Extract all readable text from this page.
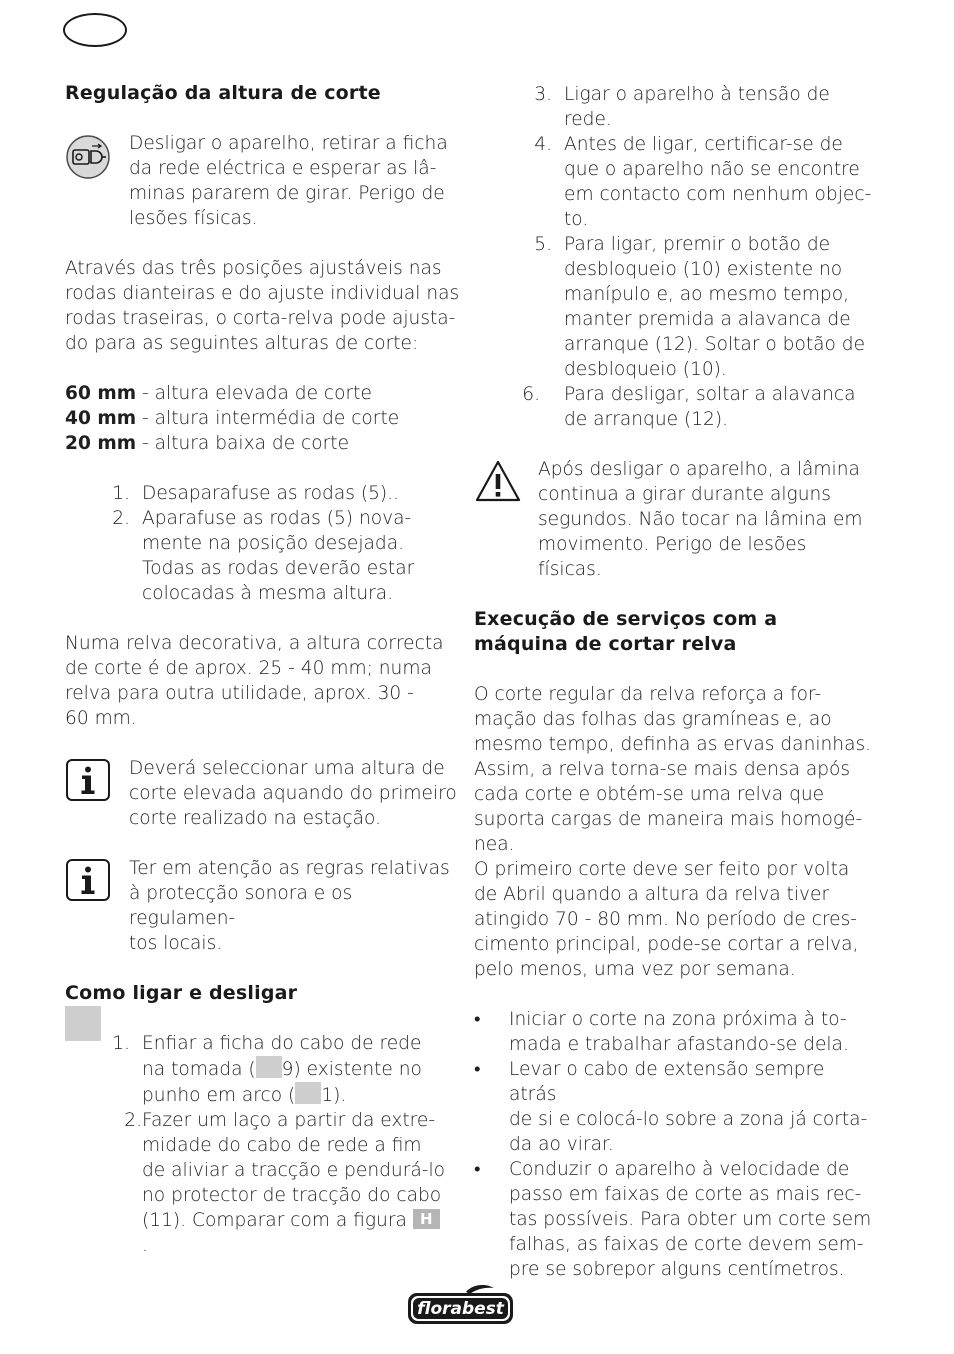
Regulação da altura de corte

Desligar o aparelho, retirar a ficha

da rede eléctrica e esperar as lâ-

minas pararem de girar. Perigo de

lesões físicas.

Através das três posições ajustáveis nas

rodas dianteiras e do ajuste individual nas

rodas traseiras, o corta-relva pode ajusta-

do para as seguintes alturas de corte:

60 mm - altura elevada de corte

40 mm - altura intermédia de corte

20 mm - altura baixa de corte

1. Desaparafuse as rodas (5)..
2. Aparafuse as rodas (5) nova-
mente na posição desejada.
Todas as rodas deverão estar
colocadas à mesma altura.

Numa relva decorativa, a altura correcta

de corte é de aprox. 25 - 40 mm; numa

relva para outra utilidade, aprox. 30 -

60 mm.

Deverá seleccionar uma altura de

corte elevada aquando do primeiro

corte realizado na estação.

Ter em atenção as regras relativas

à protecção sonora e os regulamen-

tos locais.

Como ligar e desligar
1. Enfiar a ficha do cabo de rede
na tomada ( 9) existente no
punho em arco ( 1).
2. Fazer um laço a partir da extre-
midade do cabo de rede a fim
de aliviar a tracção e pendurá-lo
no protector de tracção do cabo
(11). Comparar com a figura H
.
3. Ligar o aparelho à tensão de
rede.
4. Antes de ligar, certificar-se de
que o aparelho não se encontre
em contacto com nenhum objec-
to.
5. Para ligar, premir o botão de
desbloqueio (10) existente no
manípulo e, ao mesmo tempo,
manter premida a alavanca de
arranque (12). Soltar o botão de
desbloqueio (10).
6.	Para desligar, soltar a alavanca
de arranque (12).

Após desligar o aparelho, a lâmina

continua a girar durante alguns

segundos. Não tocar na lâmina em

movimento. Perigo de lesões físicas.

Execução de serviços com a
máquina de cortar relva

O corte regular da relva reforça a for-

mação das folhas das gramíneas e, ao

mesmo tempo, definha as ervas daninhas.

Assim, a relva torna-se mais densa após

cada corte e obtém-se uma relva que

suporta cargas de maneira mais homogé-

nea.

O primeiro corte deve ser feito por volta

de Abril quando a altura da relva tiver

atingido 70 - 80 mm. No período de cres-

cimento principal, pode-se cortar a relva,

pelo menos, uma vez por semana.

•	Iniciar o corte na zona próxima à to-
mada e trabalhar afastando-se dela.
•	Levar o cabo de extensão sempre atrás
de si e colocá-lo sobre a zona já corta-
da ao virar.
•	Conduzir o aparelho à velocidade de
passo em faixas de corte as mais rec-
tas possíveis. Para obter um corte sem
falhas, as faixas de corte devem sem-
pre se sobrepor alguns centímetros.
florabest
